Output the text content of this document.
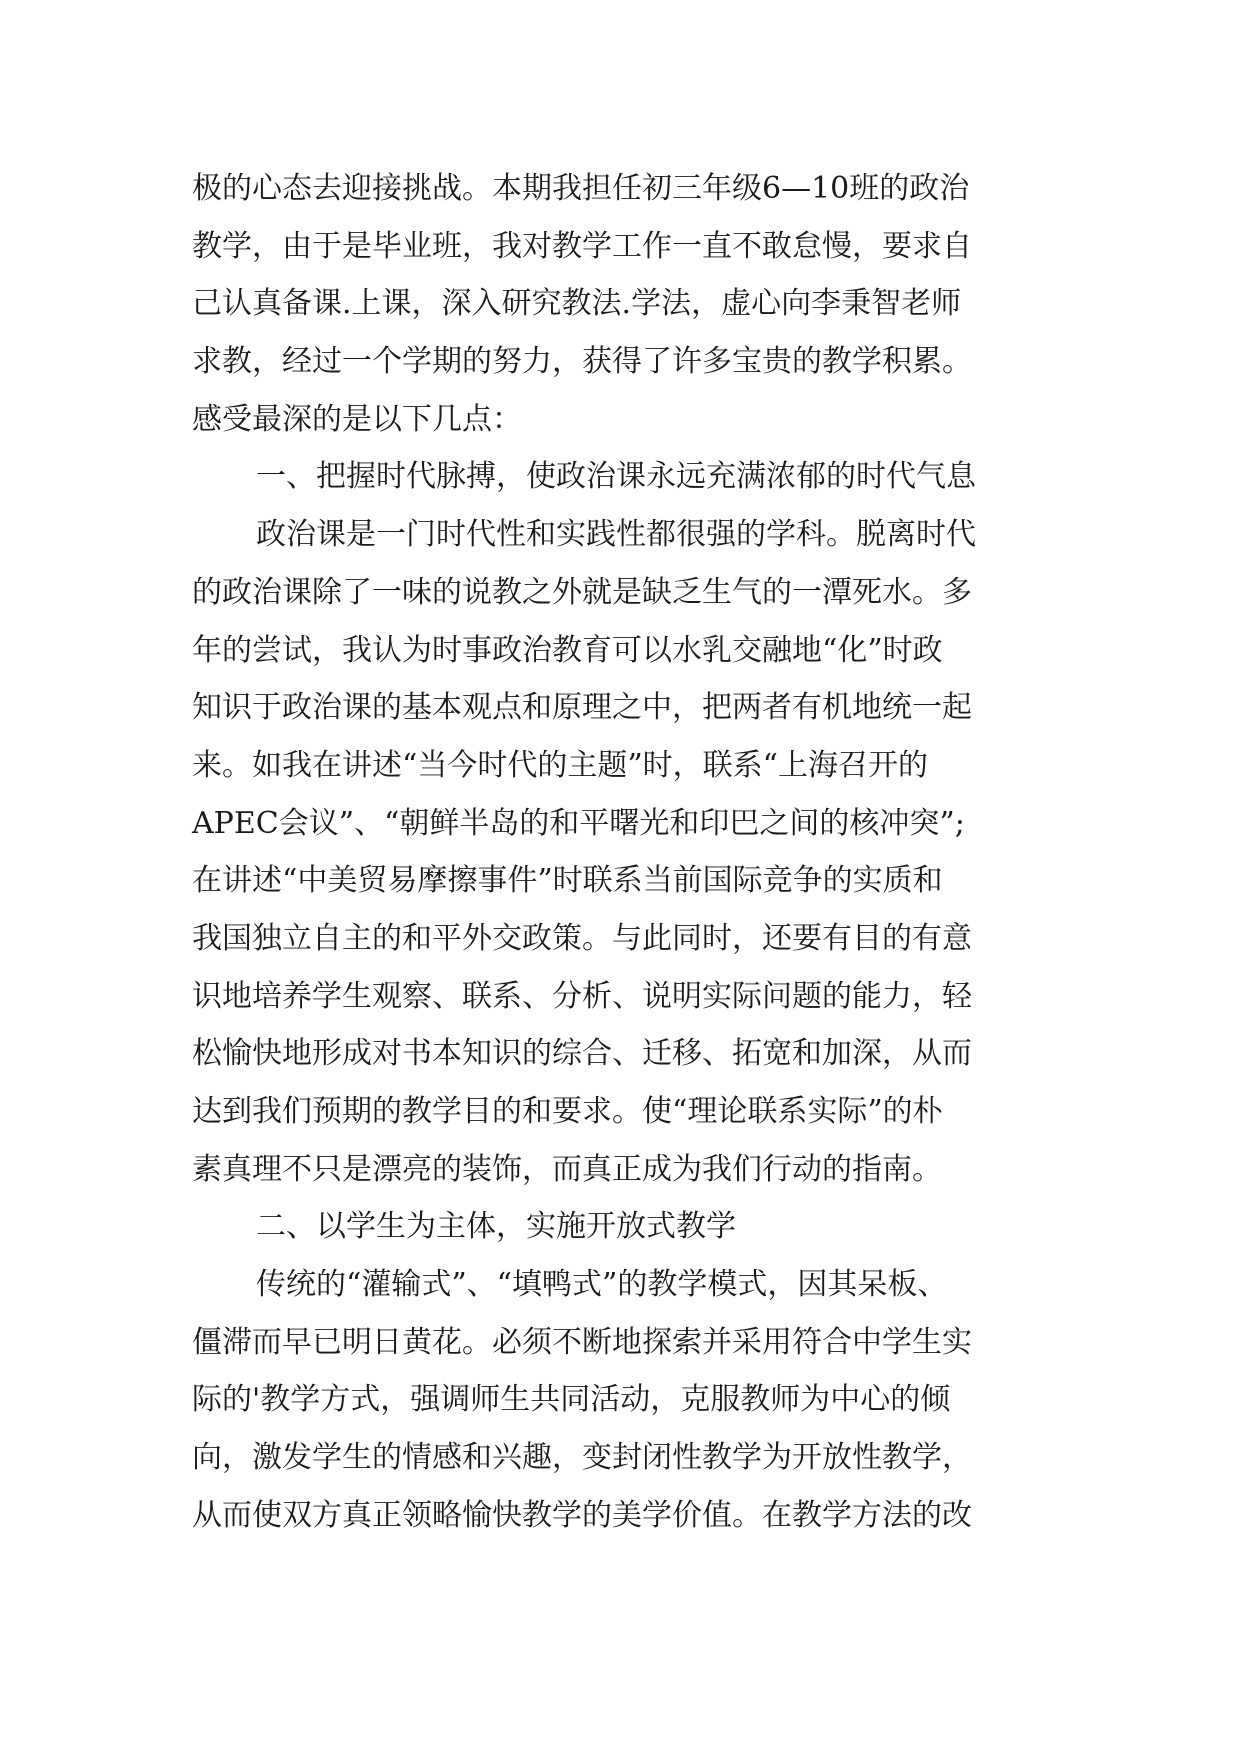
极的心态去迎接挑战。本期我担任初三年级6—10班的政治
教学，由于是毕业班，我对教学工作一直不敢怠慢，要求自
己认真备课.上课，深入研究教法.学法，虚心向李秉智老师
求教，经过一个学期的努力，获得了许多宝贵的教学积累。
感受最深的是以下几点：
一、把握时代脉搏，使政治课永远充满浓郁的时代气息
政治课是一门时代性和实践性都很强的学科。脱离时代
的政治课除了一味的说教之外就是缺乏生气的一潭死水。多
年的尝试，我认为时事政治教育可以水乳交融地“化”时政
知识于政治课的基本观点和原理之中，把两者有机地统一起
来。如我在讲述“当今时代的主题”时，联系“上海召开的
APEC会议”、“朝鲜半岛的和平曙光和印巴之间的核冲突”;
在讲述“中美贸易摩擦事件”时联系当前国际竞争的实质和
我国独立自主的和平外交政策。与此同时，还要有目的有意
识地培养学生观察、联系、分析、说明实际问题的能力，轻
松愉快地形成对书本知识的综合、迁移、拓宽和加深，从而
达到我们预期的教学目的和要求。使“理论联系实际”的朴
素真理不只是漂亮的装饰，而真正成为我们行动的指南。
二、以学生为主体，实施开放式教学
传统的“灌输式”、“填鸭式”的教学模式，因其呆板、
僵滞而早已明日黄花。必须不断地探索并采用符合中学生实
际的'教学方式，强调师生共同活动，克服教师为中心的倾
向，激发学生的情感和兴趣，变封闭性教学为开放性教学，
从而使双方真正领略愉快教学的美学价值。在教学方法的改
